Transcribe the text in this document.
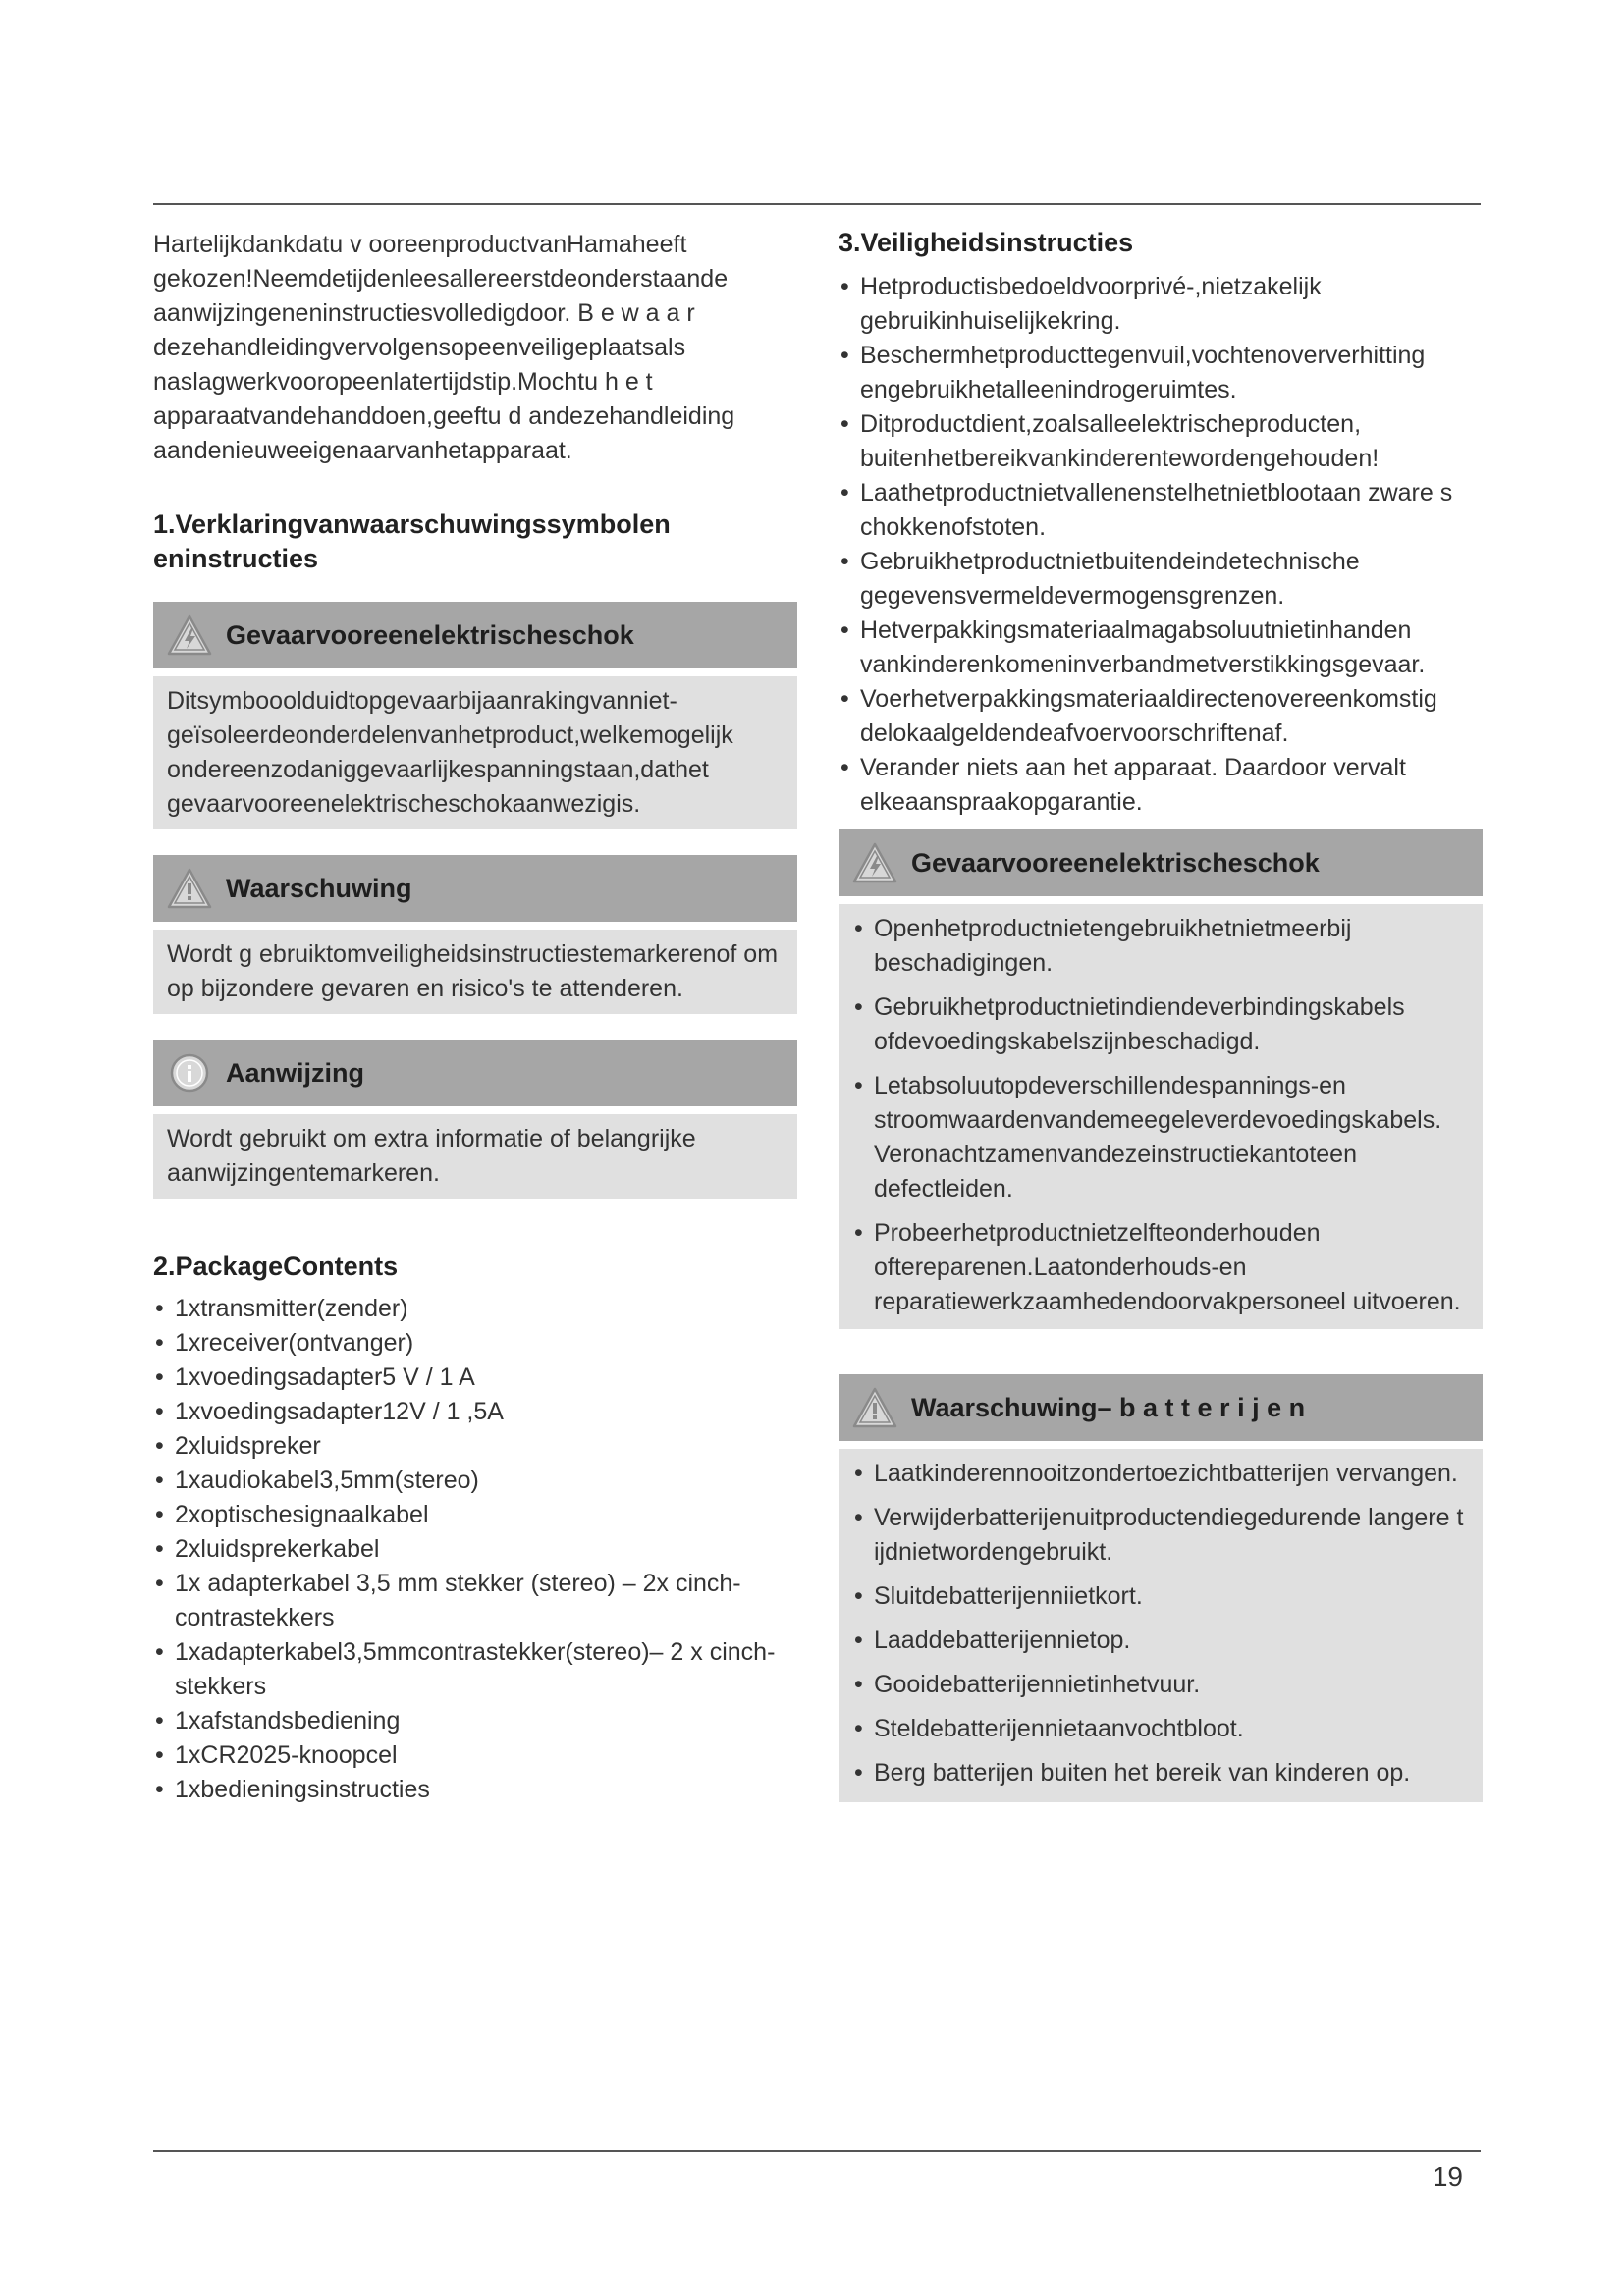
Hartelijkdankdatu v ooreenproductvanHamaheeft gekozen!Neemdetijdenleesallereerstdeonderstaande aanwijzingeneninstructiesvolledigdoor. B e w a a r dezehandleidingvervolgensopeenveiligeplaatsals naslagwerkvooropeenlatertijdstip.Mochtu h e t apparaatvandehanddoen,geeftu d andezehandleiding aandenieuweeigenaarvanhetapparaat.

1.Verklaringvanwaarschuwingssymbolen eninstructies
Gevaarvooreenelektrischeschok
Ditsymbooolduidtopgevaarbijaanrakingvanniet-geïsoleerdeonderdelenvanhetproduct,welkemogelijk ondereenzodaniggevaarlijkespanningstaan,dathet gevaarvooreenelektrischeschokaanwezigis.
Waarschuwing
Wordt g ebruiktomveiligheidsinstructiestemarkerenof om op bijzondere gevaren en risico's te attenderen.
Aanwijzing
Wordt gebruikt om extra informatie of belangrijke aanwijzingentemarkeren.
2.PackageContents
• 1xtransmitter(zender)
• 1xreceiver(ontvanger)
• 1xvoedingsadapter5 V / 1 A
• 1xvoedingsadapter12V / 1 ,5A
• 2xluidspreker
• 1xaudiokabel3,5mm(stereo)
• 2xoptischesignaalkabel
• 2xluidsprekerkabel
• 1x adapterkabel 3,5 mm stekker (stereo) – 2x cinch-contrastekkers
• 1xadapterkabel3,5mmcontrastekker(stereo)– 2 x cinch-stekkers
• 1xafstandsbediening
• 1xCR2025-knoopcel
• 1xbedieningsinstructies
3.Veiligheidsinstructies
• Hetproductisbedoeldvoorprivé-,nietzakelijk gebruikinhuiselijkekring.
• Beschermhetproducttegenvuil,vochtenoververhitting engebruikhetalleenindrogeruimtes.
• Ditproductdient,zoalsalleelektrischeproducten, buitenhetbereikvankinderentewordengehouden!
• Laathetproductnietvallenenstelhetnietblootaan zware s chokkenofstoten.
• Gebruikhetproductnietbuitendeindetechnische gegevensvermeldevermogensgrenzen.
• Hetverpakkingsmateriaalmagabsoluutnietinhanden vankinderenkomeninverbandmetverstikkingsgevaar.
• Voerhetverpakkingsmateriaaldirectenovereenkomstig delokaalgeldendeafvoervoorschriftenaf.
• Verander niets aan het apparaat. Daardoor vervalt elkeaanspraakopgarantie.
Gevaarvooreenelektrischeschok
• Openhetproductnietengebruikhetnietmeerbij beschadigingen.
• Gebruikhetproductnietindiendeverbindingskabels ofdevoedingskabelszijnbeschadigd.
• Letabsoluutopdeverschillendespannings-en stroomwaardenvandemeegeleverdevoedingskabels. Veronachtzamenvandezeinstructiekantoteen defectleiden.
• Probeerhetproductnietzelfteonderhouden oftereparenen.Laatonderhouds-en reparatiewerkzaamhedendoorvakpersoneel uitvoeren.
Waarschuwing– b a t t e r i j e n
• Laatkinderennooitzondertoezichtbatterijen vervangen.
• Verwijderbatterijenuitproductendiegedurende langere t ijdnietwordengebruikt.
• Sluitdebatterijenniietkort.
• Laaddebatterijennietop.
• Gooidebatterijennietinhetvuur.
• Steldebatterijennietaanvochtbloot.
• Berg batterijen buiten het bereik van kinderen op.
19
